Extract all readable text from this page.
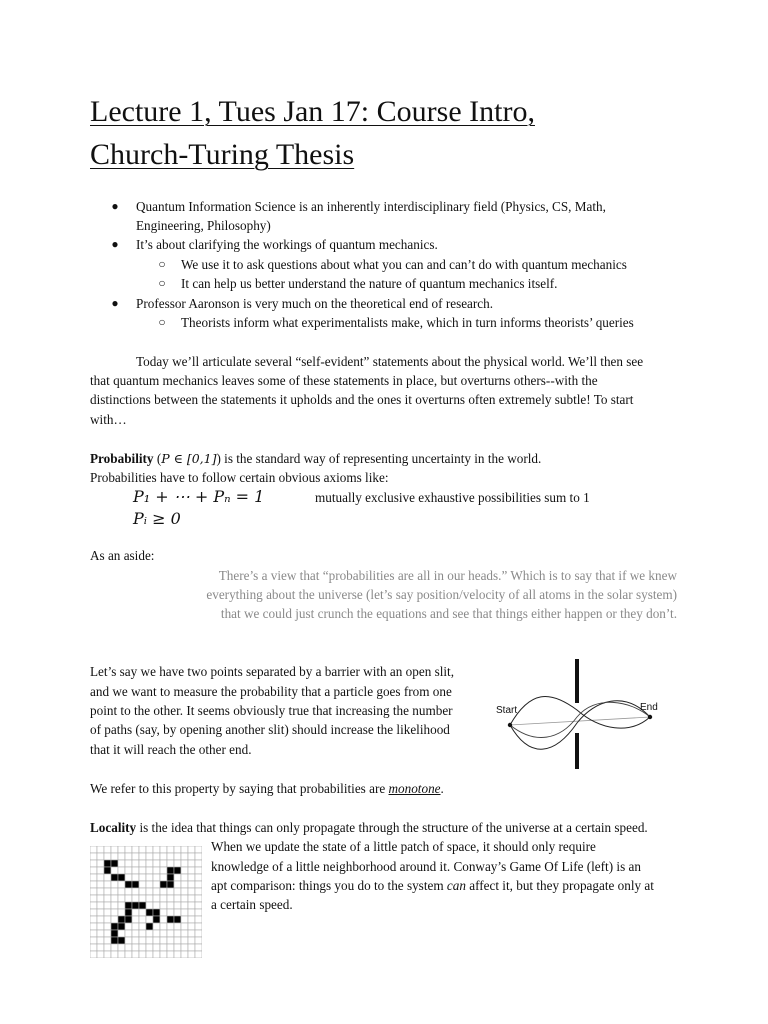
Lecture 1, Tues Jan 17: Course Intro,
Church-Turing Thesis
● Quantum Information Science is an inherently interdisciplinary field (Physics, CS, Math,
Engineering, Philosophy)
● It’s about clarifying the workings of quantum mechanics.
○ We use it to ask questions about what you can and can’t do with quantum mechanics
○ It can help us better understand the nature of quantum mechanics itself.
● Professor Aaronson is very much on the theoretical end of research.
○ Theorists inform what experimentalists make, which in turn informs theorists’ queries
Today we’ll articulate several “self-evident” statements about the physical world. We’ll then see
that quantum mechanics leaves some of these statements in place, but overturns others--with the
distinctions between the statements it upholds and the ones it overturns often extremely subtle! To start
with…
Probability (P ∈ [0,1]) is the standard way of representing uncertainty in the world.
Probabilities have to follow certain obvious axioms like:
P₁ + ⋯ + Pₙ = 1	mutually exclusive exhaustive possibilities sum to 1
Pᵢ ≥ 0
As an aside:
There’s a view that “probabilities are all in our heads.” Which is to say that if we knew
everything about the universe (let’s say position/velocity of all atoms in the solar system)
that we could just crunch the equations and see that things either happen or they don’t.
Let’s say we have two points separated by a barrier with an open slit,
and we want to measure the probability that a particle goes from one
point to the other. It seems obviously true that increasing the number
of paths (say, by opening another slit) should increase the likelihood
that it will reach the other end.
Start	End
We refer to this property by saying that probabilities are monotone.
Locality is the idea that things can only propagate through the structure of the universe at a certain speed.
When we update the state of a little patch of space, it should only require
knowledge of a little neighborhood around it. Conway’s Game Of Life (left) is an
apt comparison: things you do to the system can affect it, but they propagate only at
a certain speed.
